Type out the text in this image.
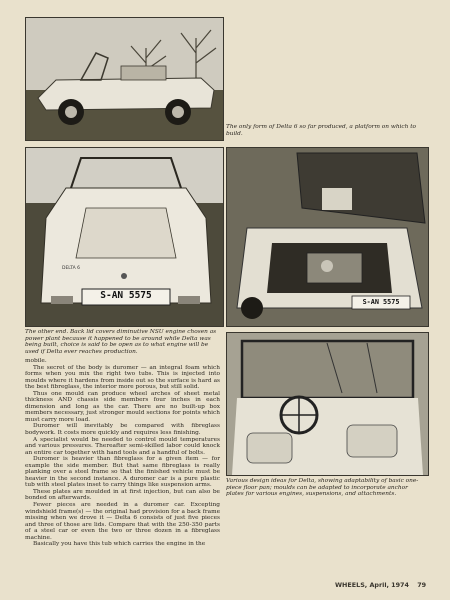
The only form of Delta 6 so far produced, a platform on which to build.
S-AN 5575
DELTA 6
S-AN 5575
The other end. Back lid covers diminutive NSU engine chosen as power plant because it happened to be around while Delta was being built, choice is said to be open as to what engine will be used if Delta ever reaches production.
Various design ideas for Delta, showing adaptability of basic one-piece floor pan; moulds can be adapted to incorporate anchor plates for various engines, suspensions, and attachments.

mobile.

The secret of the body is duromer — an integral foam which forms when you mix the right two tubs. This is injected into moulds where it hardens from inside out so the surface is hard as the best fibreglass, the interior more porous, but still solid.

Thus one mould can produce wheel arches of sheet metal thickness AND chassis side members four inches in each dimension and long as the car. There are no built-up box members necessary, just stronger mould sections for points which must carry more load.

Duromer will inevitably be compared with fibreglass bodywork. It costs more quickly and requires less finishing.

A specialist would be needed to control mould temperatures and various pressures. Thereafter semi-skilled labor could knock an entire car together with hand tools and a handful of bolts.

Duromer is heavier than fibreglass for a given item — for example the side member. But that same fibreglass is really planking over a steel frame so that the finished vehicle must be heavier in the second instance. A duromer car is a pure plastic tub with steel plates inset to carry things like suspension arms.

These plates are moulded in at first injection, but can also be bonded on afterwards.

Fewer pieces are needed in a duromer car. Excepting windshield frame(s) — the original had provision for a back frame missing when we drove it — Delta 6 consists of just five pieces and three of those are lids. Compare that with the 250-350 parts of a steel car or even the two or three dozen in a fibreglass machine.

Basically you have this tub which carries the engine in the

WHEELS, April, 1974 79
